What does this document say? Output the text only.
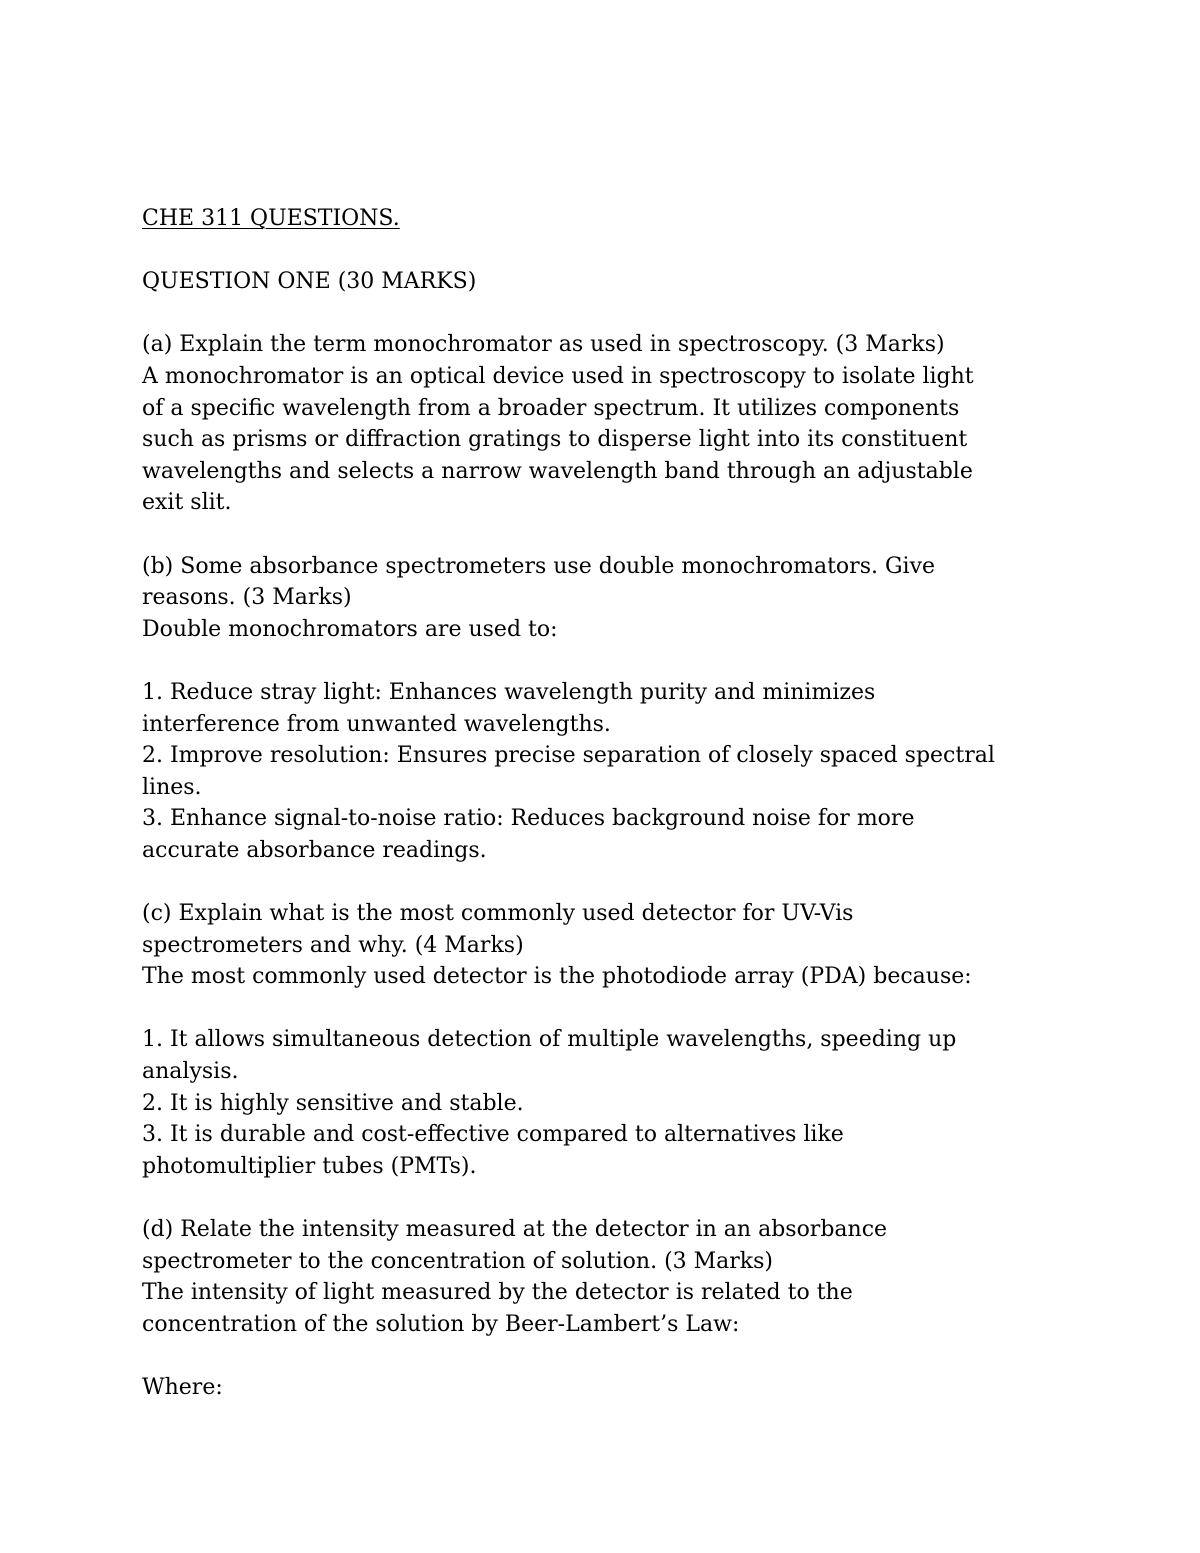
CHE 311 QUESTIONS.
QUESTION ONE (30 MARKS)
(a) Explain the term monochromator as used in spectroscopy. (3 Marks)
A monochromator is an optical device used in spectroscopy to isolate light
of a specific wavelength from a broader spectrum. It utilizes components
such as prisms or diffraction gratings to disperse light into its constituent
wavelengths and selects a narrow wavelength band through an adjustable
exit slit.
(b) Some absorbance spectrometers use double monochromators. Give
reasons. (3 Marks)
Double monochromators are used to:
1. Reduce stray light: Enhances wavelength purity and minimizes
interference from unwanted wavelengths.
2. Improve resolution: Ensures precise separation of closely spaced spectral
lines.
3. Enhance signal-to-noise ratio: Reduces background noise for more
accurate absorbance readings.
(c) Explain what is the most commonly used detector for UV-Vis
spectrometers and why. (4 Marks)
The most commonly used detector is the photodiode array (PDA) because:
1. It allows simultaneous detection of multiple wavelengths, speeding up
analysis.
2. It is highly sensitive and stable.
3. It is durable and cost-effective compared to alternatives like
photomultiplier tubes (PMTs).
(d) Relate the intensity measured at the detector in an absorbance
spectrometer to the concentration of solution. (3 Marks)
The intensity of light measured by the detector is related to the
concentration of the solution by Beer-Lambert’s Law:
Where:
